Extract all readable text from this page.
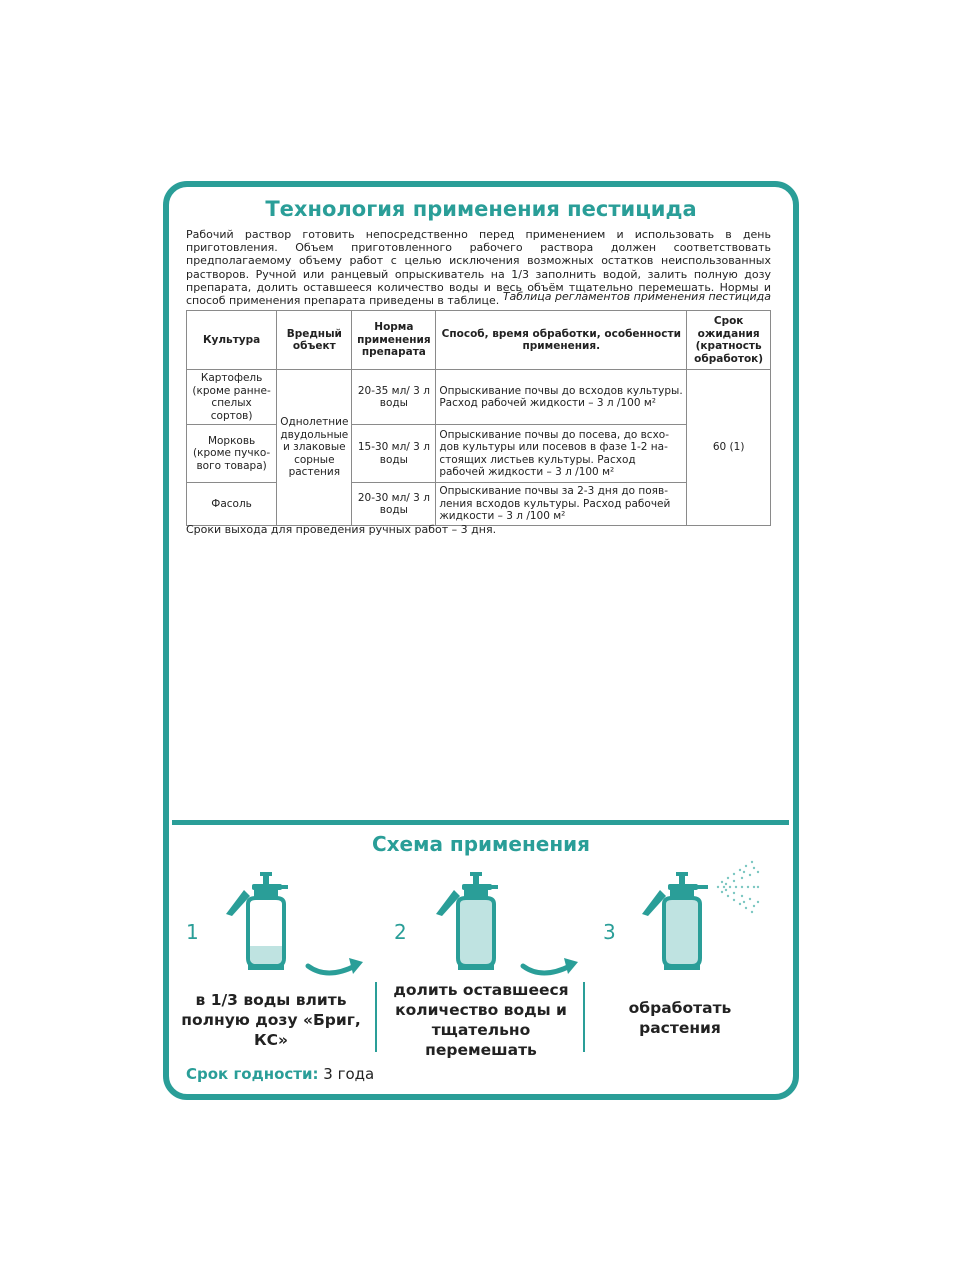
Технология применения пестицида

Рабочий раствор готовить непосредственно перед применением и использовать в день приготовления. Объем приготовленного рабочего раствора должен соответствовать предполагаемому объему работ с целью исключения возможных остатков неиспользованных растворов. Ручной или ранцевый опрыскиватель на 1/3 заполнить водой, залить полную дозу препарата, долить оставшееся количество воды и весь объём тщательно перемешать. Нормы и способ применения препарата приведены в таблице. Таблица регламентов применения пестицида

Культура	Вредный объект	Норма применения препарата	Способ, время обработки, особенности применения.	Срок ожидания (кратность обработок)
Картофель (кроме ранне-спелых сортов)	Однолетние двудольные и злаковые сорные растения	20-35 мл/ 3 л воды	Опрыскивание почвы до всходов культуры. Расход рабочей жидкости – 3 л /100 м²	60 (1)
Морковь (кроме пучко-вого товара)		15-30 мл/ 3 л воды	Опрыскивание почвы до посева, до всхо-дов культуры или посевов в фазе 1-2 на-стоящих листьев культуры. Расход рабочей жидкости – 3 л /100 м²	
Фасоль		20-30 мл/ 3 л воды	Опрыскивание почвы за 2-3 дня до появ-ления всходов культуры. Расход рабочей жидкости – 3 л /100 м²	

Сроки выхода для проведения ручных работ – 3 дня.

Схема применения
1	2	3

в 1/3 воды влить полную дозу «Бриг, КС»

долить оставшееся количество воды и тщательно перемешать

обработать растения

Срок годности: 3 года
